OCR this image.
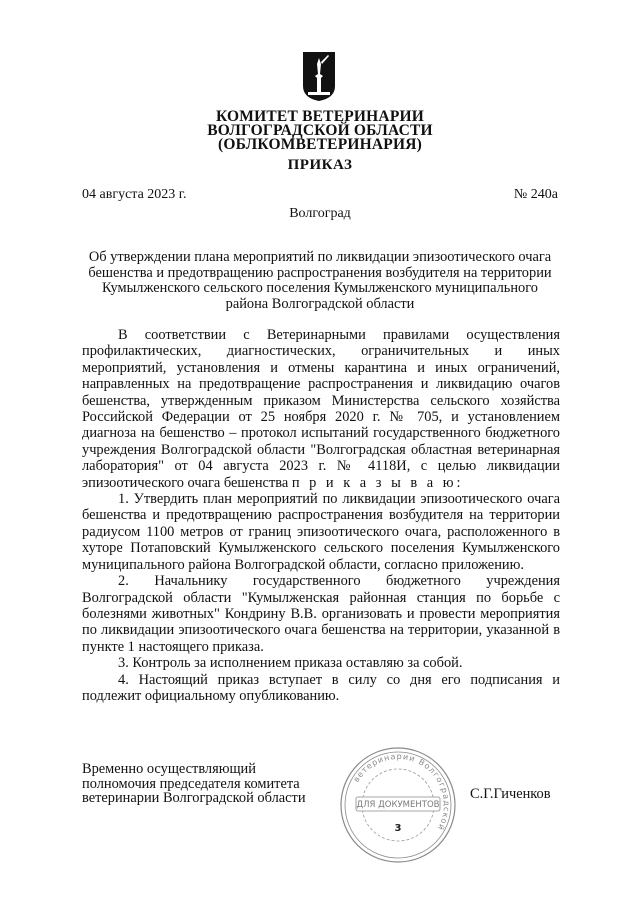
КОМИТЕТ ВЕТЕРИНАРИИ
ВОЛГОГРАДСКОЙ ОБЛАСТИ
(ОБЛКОМВЕТЕРИНАРИЯ)
ПРИКАЗ
04 августа 2023 г.	№ 240а
Волгоград
Об утверждении плана мероприятий по ликвидации эпизоотического очага
бешенства и предотвращению распространения возбудителя на территории
Кумылженского сельского поселения Кумылженского муниципального
района Волгоградской области

В соответствии с Ветеринарными правилами осуществления профилактических, диагностических, ограничительных и иных мероприятий, установления и отмены карантина и иных ограничений, направленных на предотвращение распространения и ликвидацию очагов бешенства, утвержденным приказом Министерства сельского хозяйства Российской Федерации от 25 ноября 2020 г. № 705, и установлением диагноза на бешенство – протокол испытаний государственного бюджетного учреждения Волгоградской области "Волгоградская областная ветеринарная лаборатория" от 04 августа 2023 г. № 4118И, с целью ликвидации эпизоотического очага бешенства п р и к а з ы в а ю:

1. Утвердить план мероприятий по ликвидации эпизоотического очага бешенства и предотвращению распространения возбудителя на территории радиусом 1100 метров от границ эпизоотического очага, расположенного в хуторе Потаповский Кумылженского сельского поселения Кумылженского муниципального района Волгоградской области, согласно приложению.

2. Начальнику государственного бюджетного учреждения Волгоградской области "Кумылженская районная станция по борьбе с болезнями животных" Кондрину В.В. организовать и провести мероприятия по ликвидации эпизоотического очага бешенства на территории, указанной в пункте 1 настоящего приказа.

3. Контроль за исполнением приказа оставляю за собой.

4. Настоящий приказ вступает в силу со дня его подписания и подлежит официальному опубликованию.

Временно осуществляющий
полномочия председателя комитета
ветеринарии Волгоградской области
ветеринарии Волгоградской
ДЛЯ ДОКУМЕНТОВ
3
С.Г.Гиченков
